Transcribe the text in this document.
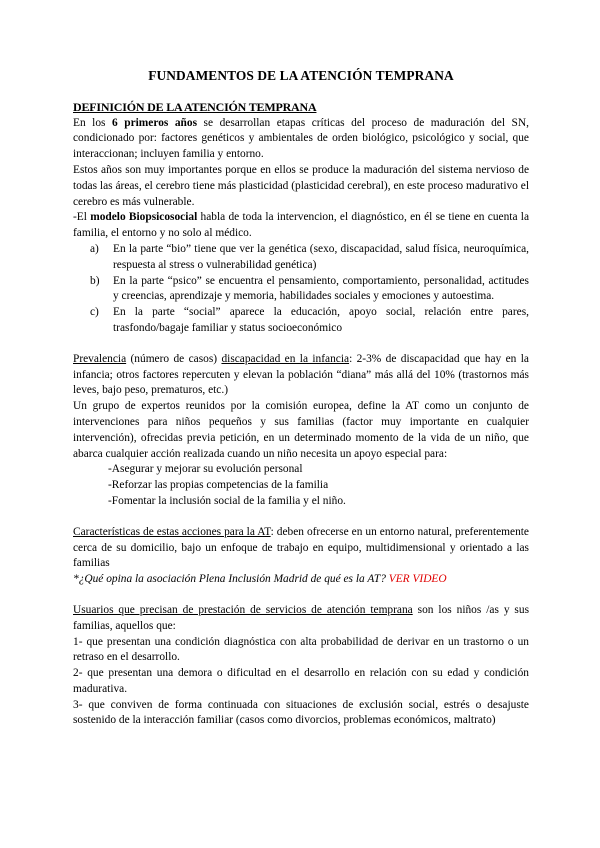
FUNDAMENTOS DE LA ATENCIÓN TEMPRANA
DEFINICIÓN DE LA ATENCIÓN TEMPRANA

En los 6 primeros años se desarrollan etapas críticas del proceso de maduración del SN, condicionado por: factores genéticos y ambientales de orden biológico, psicológico y social, que interaccionan; incluyen familia y entorno.

Estos años son muy importantes porque en ellos se produce la maduración del sistema nervioso de todas las áreas, el cerebro tiene más plasticidad (plasticidad cerebral), en este proceso madurativo el cerebro es más vulnerable.

-El modelo Biopsicosocial habla de toda la intervencion, el diagnóstico, en él se tiene en cuenta la familia, el entorno y no solo al médico.

a) En la parte “bio” tiene que ver la genética (sexo, discapacidad, salud física, neuroquímica, respuesta al stress o vulnerabilidad genética)
b) En la parte “psico” se encuentra el pensamiento, comportamiento, personalidad, actitudes y creencias, aprendizaje y memoria, habilidades sociales y emociones y autoestima.
c) En la parte “social” aparece la educación, apoyo social, relación entre pares, trasfondo/bagaje familiar y status socioeconómico

Prevalencia (número de casos) discapacidad en la infancia: 2-3% de discapacidad que hay en la infancia; otros factores repercuten y elevan la población “diana” más allá del 10% (trastornos más leves, bajo peso, prematuros, etc.)

Un grupo de expertos reunidos por la comisión europea, define la AT como un conjunto de intervenciones para niños pequeños y sus familias (factor muy importante en cualquier intervención), ofrecidas previa petición, en un determinado momento de la vida de un niño, que abarca cualquier acción realizada cuando un niño necesita un apoyo especial para:

-Asegurar y mejorar su evolución personal
-Reforzar las propias competencias de la familia
-Fomentar la inclusión social de la familia y el niño.

Características de estas acciones para la AT: deben ofrecerse en un entorno natural, preferentemente cerca de su domicilio, bajo un enfoque de trabajo en equipo, multidimensional y orientado a las familias

*¿Qué opina la asociación Plena Inclusión Madrid de qué es la AT? VER VIDEO

Usuarios que precisan de prestación de servicios de atención temprana son los niños /as y sus familias, aquellos que:

1- que presentan una condición diagnóstica con alta probabilidad de derivar en un trastorno o un retraso en el desarrollo.

2- que presentan una demora o dificultad en el desarrollo en relación con su edad y condición madurativa.

3- que conviven de forma continuada con situaciones de exclusión social, estrés o desajuste sostenido de la interacción familiar (casos como divorcios, problemas económicos, maltrato)
